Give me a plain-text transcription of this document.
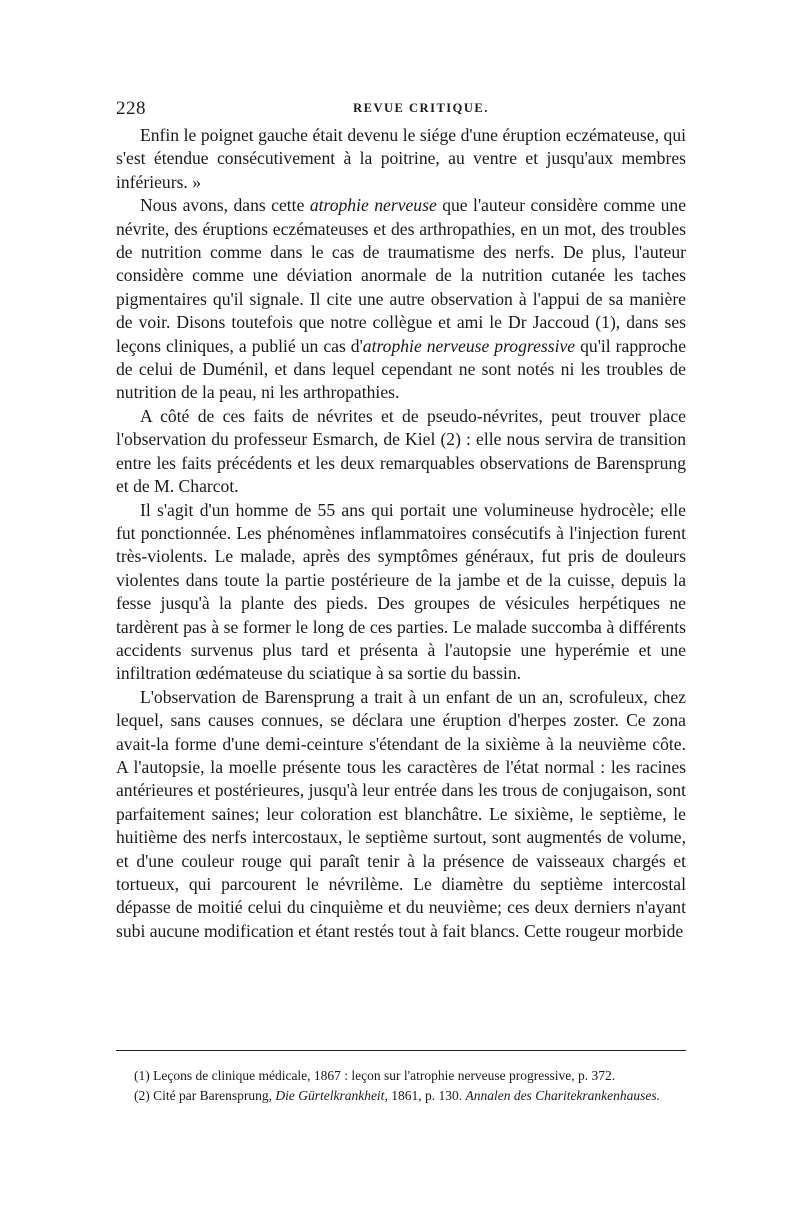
228	REVUE CRITIQUE.

Enfin le poignet gauche était devenu le siége d'une éruption eczémateuse, qui s'est étendue consécutivement à la poitrine, au ventre et jusqu'aux membres inférieurs. »

Nous avons, dans cette atrophie nerveuse que l'auteur considère comme une névrite, des éruptions eczémateuses et des arthropathies, en un mot, des troubles de nutrition comme dans le cas de traumatisme des nerfs. De plus, l'auteur considère comme une déviation anormale de la nutrition cutanée les taches pigmentaires qu'il signale. Il cite une autre observation à l'appui de sa manière de voir. Disons toutefois que notre collègue et ami le Dr Jaccoud (1), dans ses leçons cliniques, a publié un cas d'atrophie nerveuse progressive qu'il rapproche de celui de Duménil, et dans lequel cependant ne sont notés ni les troubles de nutrition de la peau, ni les arthropathies.

A côté de ces faits de névrites et de pseudo-névrites, peut trouver place l'observation du professeur Esmarch, de Kiel (2) : elle nous servira de transition entre les faits précédents et les deux remarquables observations de Barensprung et de M. Charcot.

Il s'agit d'un homme de 55 ans qui portait une volumineuse hydrocèle; elle fut ponctionnée. Les phénomènes inflammatoires consécutifs à l'injection furent très-violents. Le malade, après des symptômes généraux, fut pris de douleurs violentes dans toute la partie postérieure de la jambe et de la cuisse, depuis la fesse jusqu'à la plante des pieds. Des groupes de vésicules herpétiques ne tardèrent pas à se former le long de ces parties. Le malade succomba à différents accidents survenus plus tard et présenta à l'autopsie une hyperémie et une infiltration œdémateuse du sciatique à sa sortie du bassin.

L'observation de Barensprung a trait à un enfant de un an, scrofuleux, chez lequel, sans causes connues, se déclara une éruption d'herpes zoster. Ce zona avait-la forme d'une demi-ceinture s'étendant de la sixième à la neuvième côte. A l'autopsie, la moelle présente tous les caractères de l'état normal : les racines antérieures et postérieures, jusqu'à leur entrée dans les trous de conjugaison, sont parfaitement saines; leur coloration est blanchâtre. Le sixième, le septième, le huitième des nerfs intercostaux, le septième surtout, sont augmentés de volume, et d'une couleur rouge qui paraît tenir à la présence de vaisseaux chargés et tortueux, qui parcourent le névrilème. Le diamètre du septième intercostal dépasse de moitié celui du cinquième et du neuvième; ces deux derniers n'ayant subi aucune modification et étant restés tout à fait blancs. Cette rougeur morbide

(1) Leçons de clinique médicale, 1867 : leçon sur l'atrophie nerveuse progressive, p. 372.

(2) Cité par Barensprung, Die Gürtelkrankheit, 1861, p. 130. Annalen des Charitekrankenhauses.
